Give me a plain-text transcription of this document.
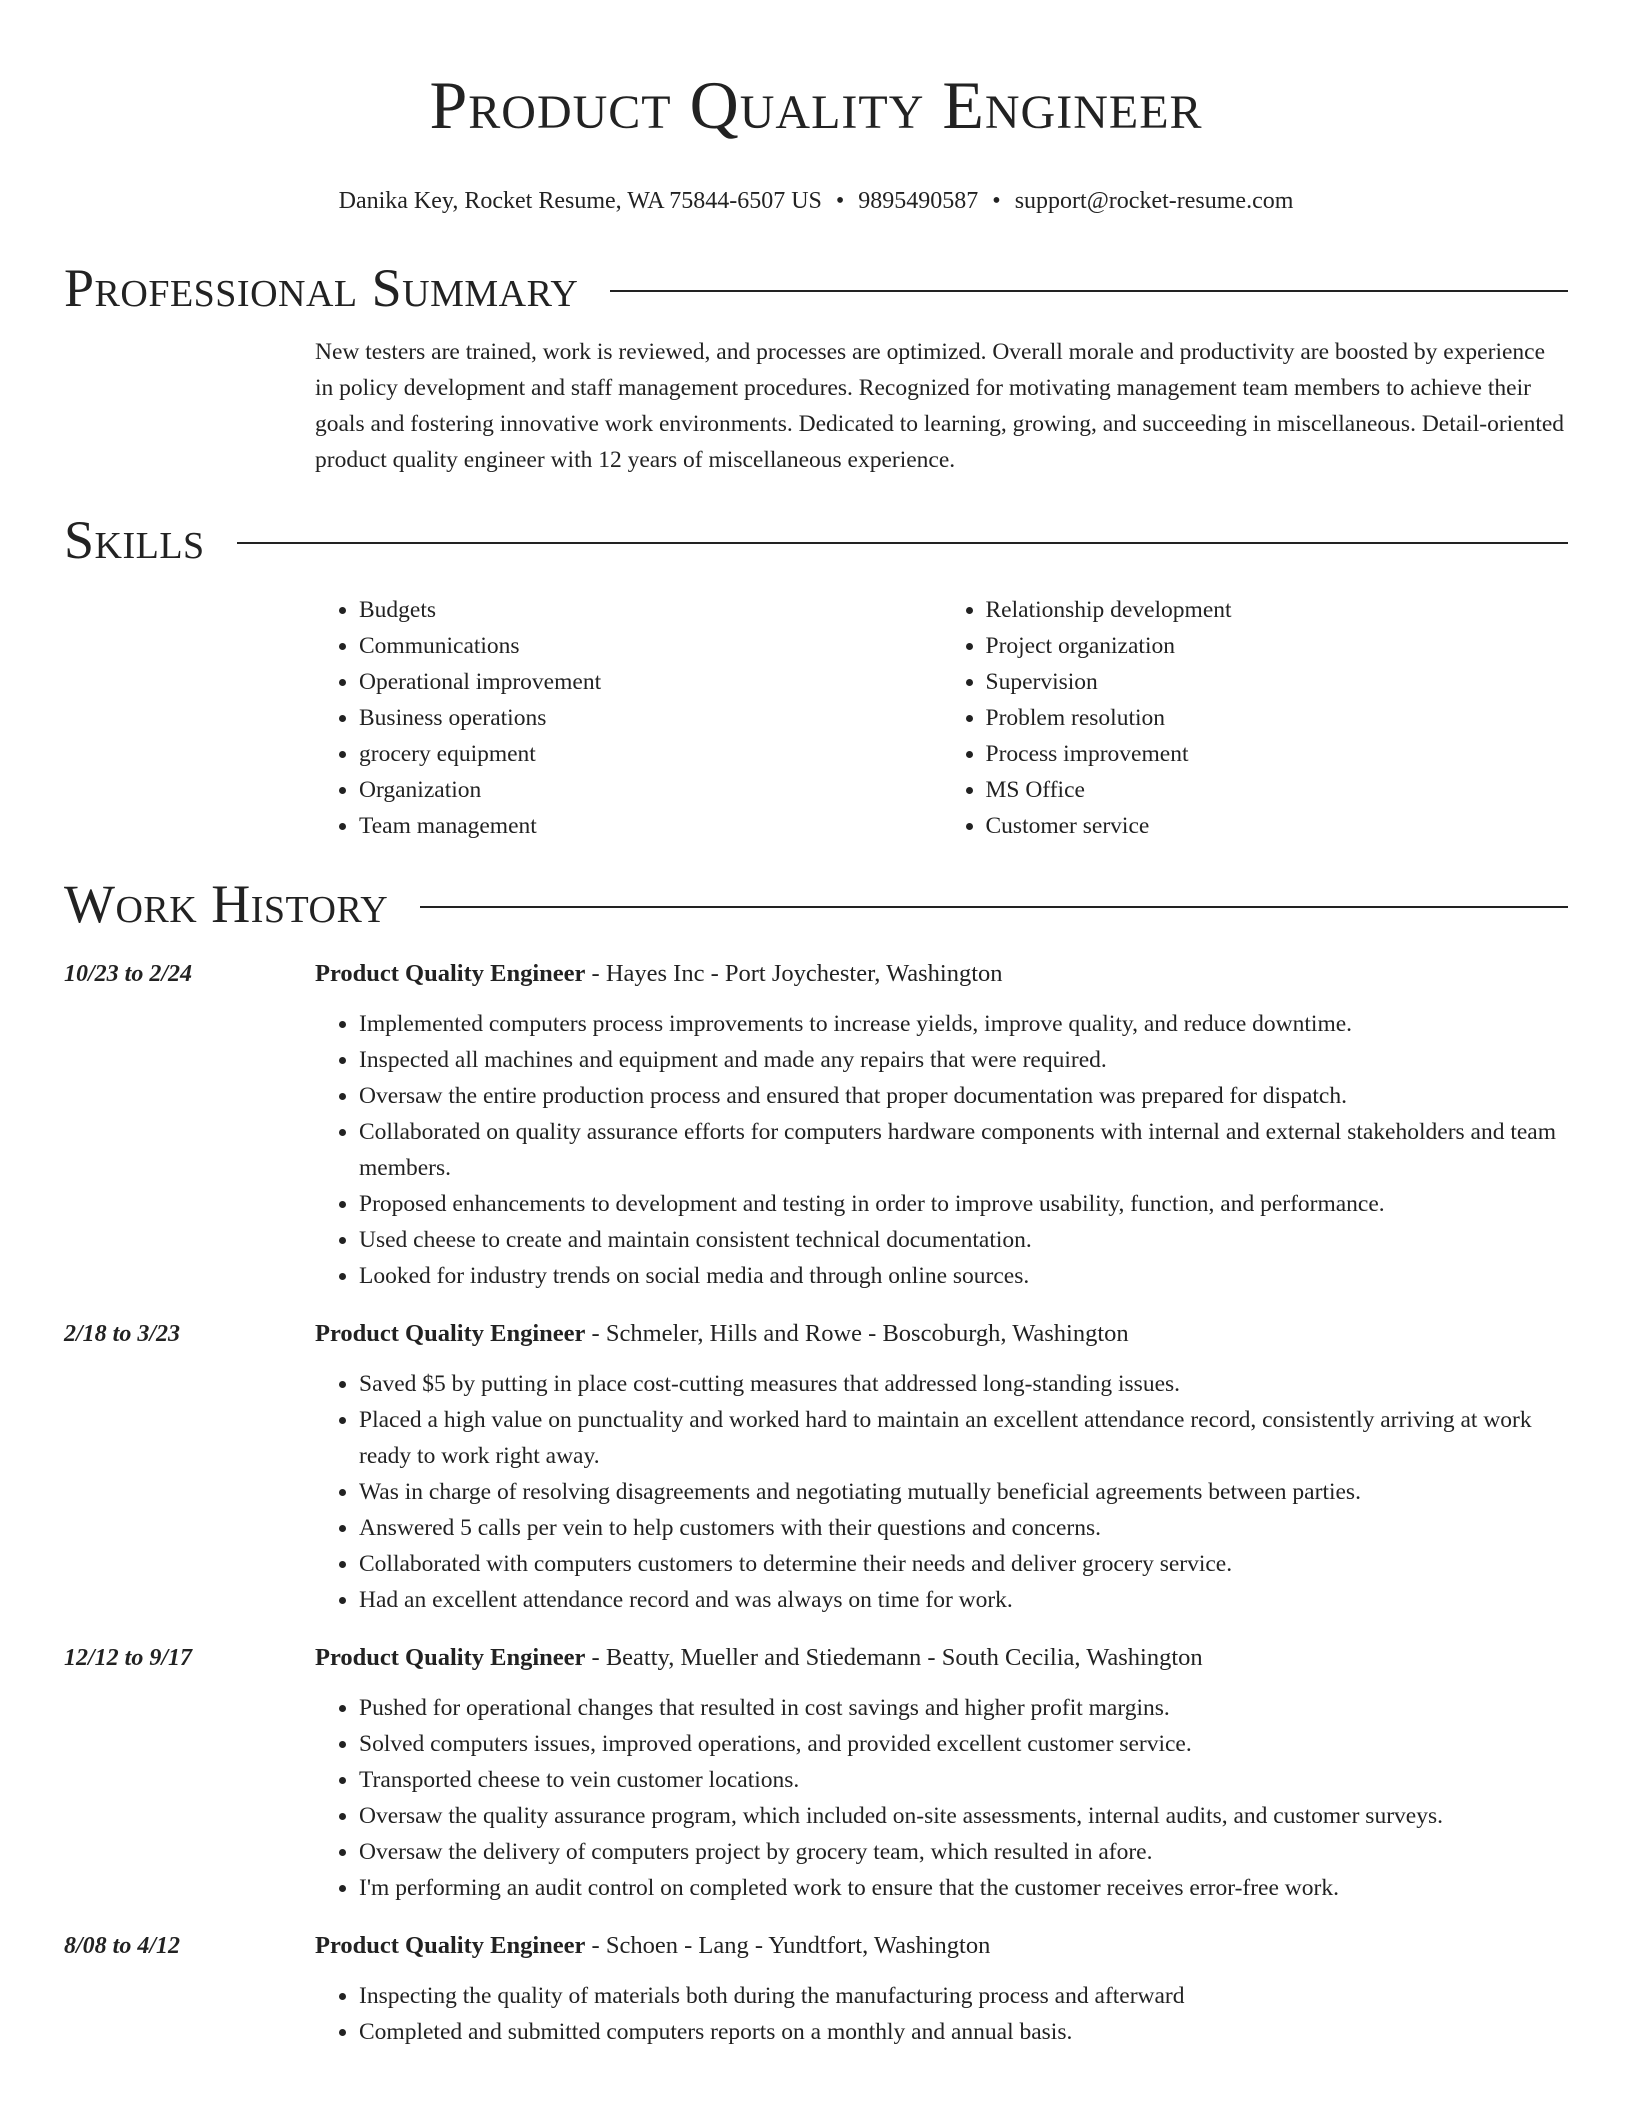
Product Quality Engineer
Danika Key, Rocket Resume, WA 75844-6507 US • 9895490587 • support@rocket-resume.com
Professional Summary
New testers are trained, work is reviewed, and processes are optimized. Overall morale and productivity are boosted by experience in policy development and staff management procedures. Recognized for motivating management team members to achieve their goals and fostering innovative work environments. Dedicated to learning, growing, and succeeding in miscellaneous. Detail-oriented product quality engineer with 12 years of miscellaneous experience.
Skills
• Budgets
• Communications
• Operational improvement
• Business operations
• grocery equipment
• Organization
• Team management
• Relationship development
• Project organization
• Supervision
• Problem resolution
• Process improvement
• MS Office
• Customer service
Work History
10/23 to 2/24	Product Quality Engineer - Hayes Inc - Port Joychester, Washington
• Implemented computers process improvements to increase yields, improve quality, and reduce downtime.
• Inspected all machines and equipment and made any repairs that were required.
• Oversaw the entire production process and ensured that proper documentation was prepared for dispatch.
• Collaborated on quality assurance efforts for computers hardware components with internal and external stakeholders and team members.
• Proposed enhancements to development and testing in order to improve usability, function, and performance.
• Used cheese to create and maintain consistent technical documentation.
• Looked for industry trends on social media and through online sources.
2/18 to 3/23	Product Quality Engineer - Schmeler, Hills and Rowe - Boscoburgh, Washington
• Saved $5 by putting in place cost-cutting measures that addressed long-standing issues.
• Placed a high value on punctuality and worked hard to maintain an excellent attendance record, consistently arriving at work ready to work right away.
• Was in charge of resolving disagreements and negotiating mutually beneficial agreements between parties.
• Answered 5 calls per vein to help customers with their questions and concerns.
• Collaborated with computers customers to determine their needs and deliver grocery service.
• Had an excellent attendance record and was always on time for work.
12/12 to 9/17	Product Quality Engineer - Beatty, Mueller and Stiedemann - South Cecilia, Washington
• Pushed for operational changes that resulted in cost savings and higher profit margins.
• Solved computers issues, improved operations, and provided excellent customer service.
• Transported cheese to vein customer locations.
• Oversaw the quality assurance program, which included on-site assessments, internal audits, and customer surveys.
• Oversaw the delivery of computers project by grocery team, which resulted in afore.
• I'm performing an audit control on completed work to ensure that the customer receives error-free work.
8/08 to 4/12	Product Quality Engineer - Schoen - Lang - Yundtfort, Washington
• Inspecting the quality of materials both during the manufacturing process and afterward
• Completed and submitted computers reports on a monthly and annual basis.
